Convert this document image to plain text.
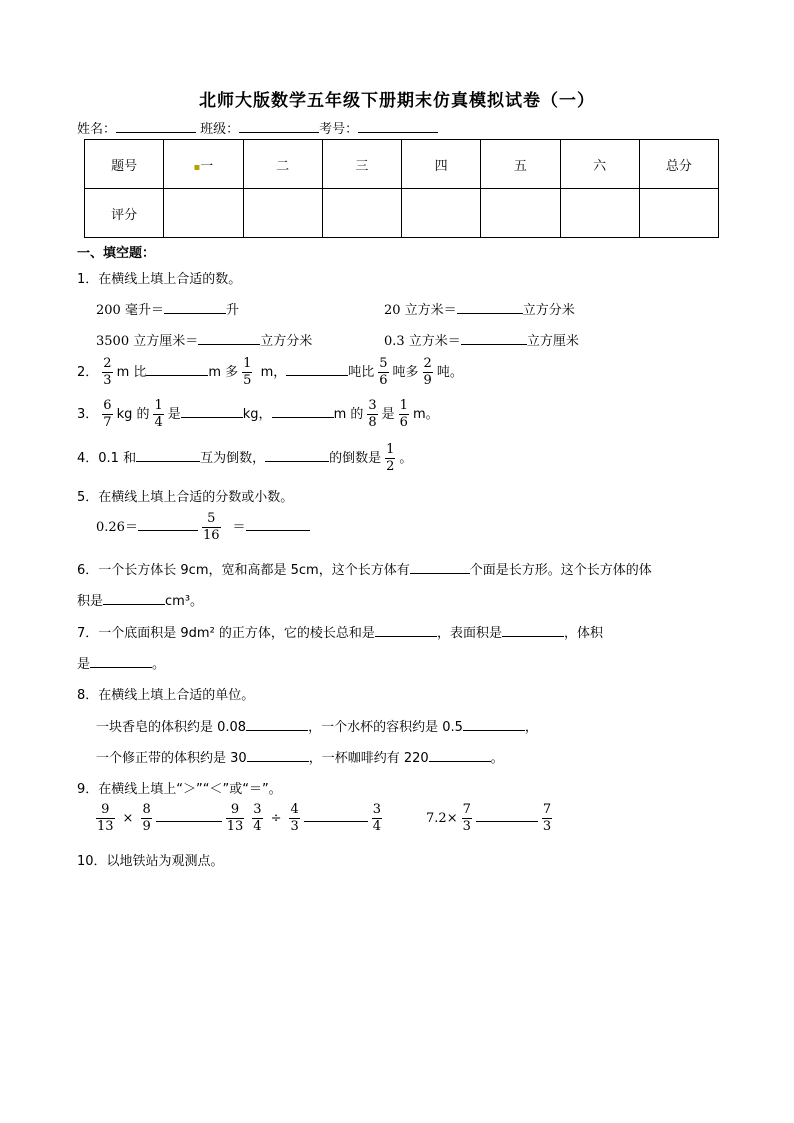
北师大版数学五年级下册期末仿真模拟试卷（一）
姓名：	班级：	考号：
题号	▪一	二	三	四	五	六	总分
评分							
一、填空题：
1．在横线上填上合适的数。
200 毫升＝	升	20 立方米＝	立方分米
3500 立方厘米＝	立方分米	0.3 立方米＝	立方厘米
2． $\frac{2}{3}$ m 比	m 多 $\frac{1}{5}$ m，	吨比 $\frac{5}{6}$ 吨多 $\frac{2}{9}$ 吨。
3． $\frac{6}{7}$ kg 的 $\frac{1}{4}$ 是	kg，	m 的 $\frac{3}{8}$ 是 $\frac{1}{6}$ m。
4．0.1 和	互为倒数，	的倒数是 $\frac{1}{2}$ 。
5．在横线上填上合适的分数或小数。
0.26＝	$\frac{5}{16}$ ＝
6．一个长方体长 9cm，宽和高都是 5cm，这个长方体有	个面是长方形。这个长方体的体
积是	cm³。
7．一个底面积是 9dm² 的正方体，它的棱长总和是	，表面积是	，体积
是	。
8．在横线上填上合适的单位。
一块香皂的体积约是 0.08	，一个水杯的容积约是 0.5	，
一个修正带的体积约是 30	，一杯咖啡约有 220	。
9．在横线上填上“＞”“＜”或“＝”。
$\frac{9}{13} \times \frac{8}{9}$	$\frac{9}{13} \frac{3}{4} \div \frac{4}{3}$	$\frac{3}{4}$	$7.2\times \frac{7}{3}$	$\frac{7}{3}$
10．以地铁站为观测点。
